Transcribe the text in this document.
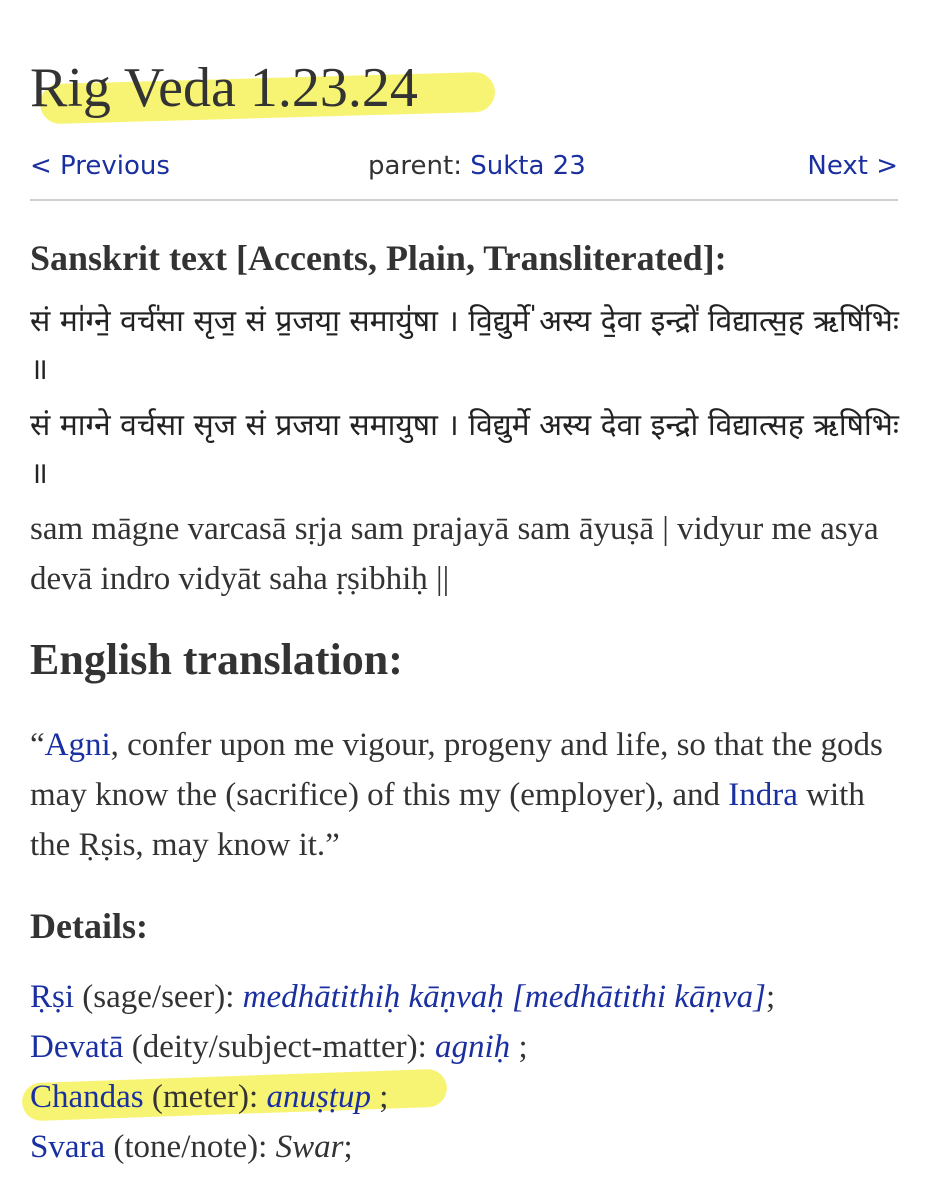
Rig Veda 1.23.24
< Previous	parent: Sukta 23	Next >
Sanskrit text [Accents, Plain, Transliterated]:

सं मा॑ग्ने॒ वर्च॑सा सृज॒ सं प्र॒जया॒ समायु॑षा । वि॒द्युर्मे॑ अस्य दे॒वा इन्द्रो॑ विद्यात्स॒ह ऋषि॑भिः ॥

सं माग्ने वर्चसा सृज सं प्रजया समायुषा । विद्युर्मे अस्य देवा इन्द्रो विद्यात्सह ऋषिभिः ॥

sam māgne varcasā sṛja sam prajayā sam āyuṣā | vidyur me asya devā indro vidyāt saha ṛṣibhiḥ ||

English translation:

“Agni, confer upon me vigour, progeny and life, so that the gods may know the (sacrifice) of this my (employer), and Indra with the Ṛṣis, may know it.”

Details:
Ṛṣi (sage/seer): medhātithiḥ kāṇvaḥ [medhātithi kāṇva];
Devatā (deity/subject-matter): agniḥ ;
Chandas (meter): anuṣṭup ;
Svara (tone/note): Swar;
